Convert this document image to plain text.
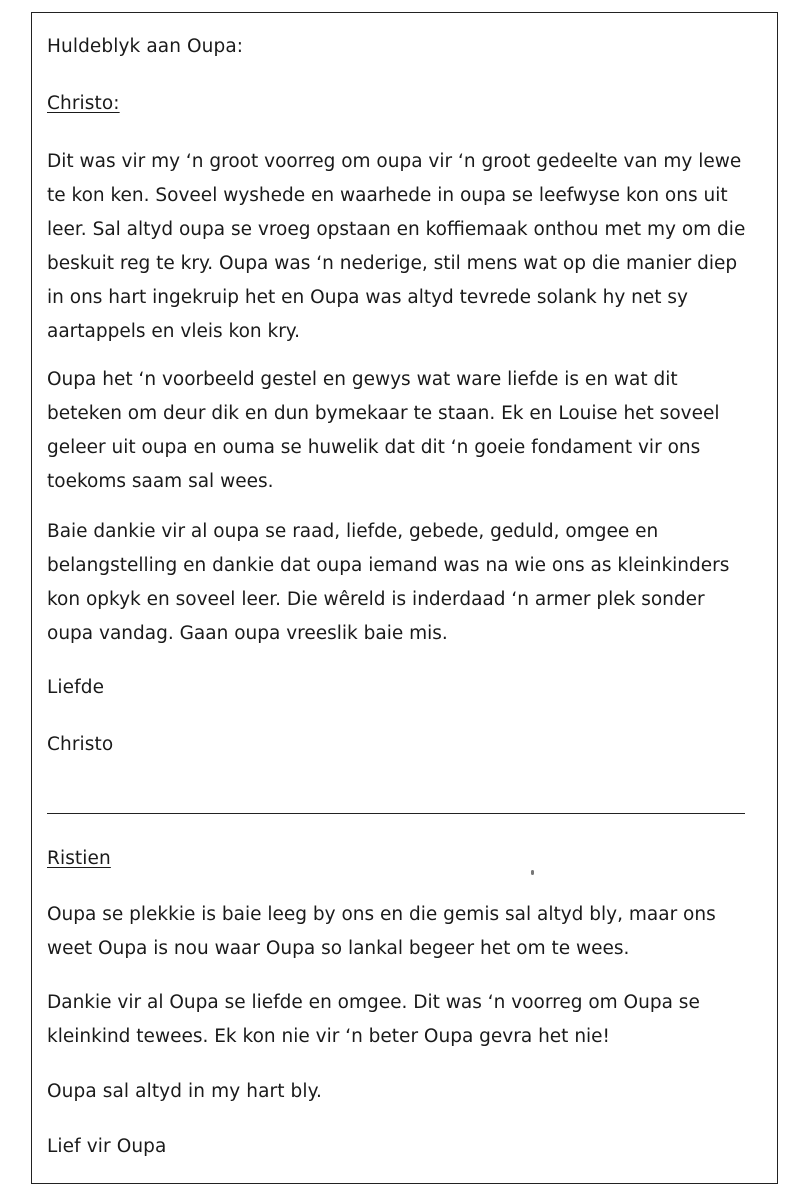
Huldeblyk aan Oupa:

Christo:

Dit was vir my ‘n groot voorreg om oupa vir ‘n groot gedeelte van my lewe
te kon ken. Soveel wyshede en waarhede in oupa se leefwyse kon ons uit
leer. Sal altyd oupa se vroeg opstaan en koffiemaak onthou met my om die
beskuit reg te kry. Oupa was ‘n nederige, stil mens wat op die manier diep
in ons hart ingekruip het en Oupa was altyd tevrede solank hy net sy
aartappels en vleis kon kry.
Oupa het ‘n voorbeeld gestel en gewys wat ware liefde is en wat dit
beteken om deur dik en dun bymekaar te staan. Ek en Louise het soveel
geleer uit oupa en ouma se huwelik dat dit ‘n goeie fondament vir ons
toekoms saam sal wees.
Baie dankie vir al oupa se raad, liefde, gebede, geduld, omgee en
belangstelling en dankie dat oupa iemand was na wie ons as kleinkinders
kon opkyk en soveel leer. Die wêreld is inderdaad ‘n armer plek sonder
oupa vandag. Gaan oupa vreeslik baie mis.

Liefde

Christo

Ristien

Oupa se plekkie is baie leeg by ons en die gemis sal altyd bly, maar ons
weet Oupa is nou waar Oupa so lankal begeer het om te wees.
Dankie vir al Oupa se liefde en omgee. Dit was ‘n voorreg om Oupa se
kleinkind tewees. Ek kon nie vir ‘n beter Oupa gevra het nie!

Oupa sal altyd in my hart bly.

Lief vir Oupa
